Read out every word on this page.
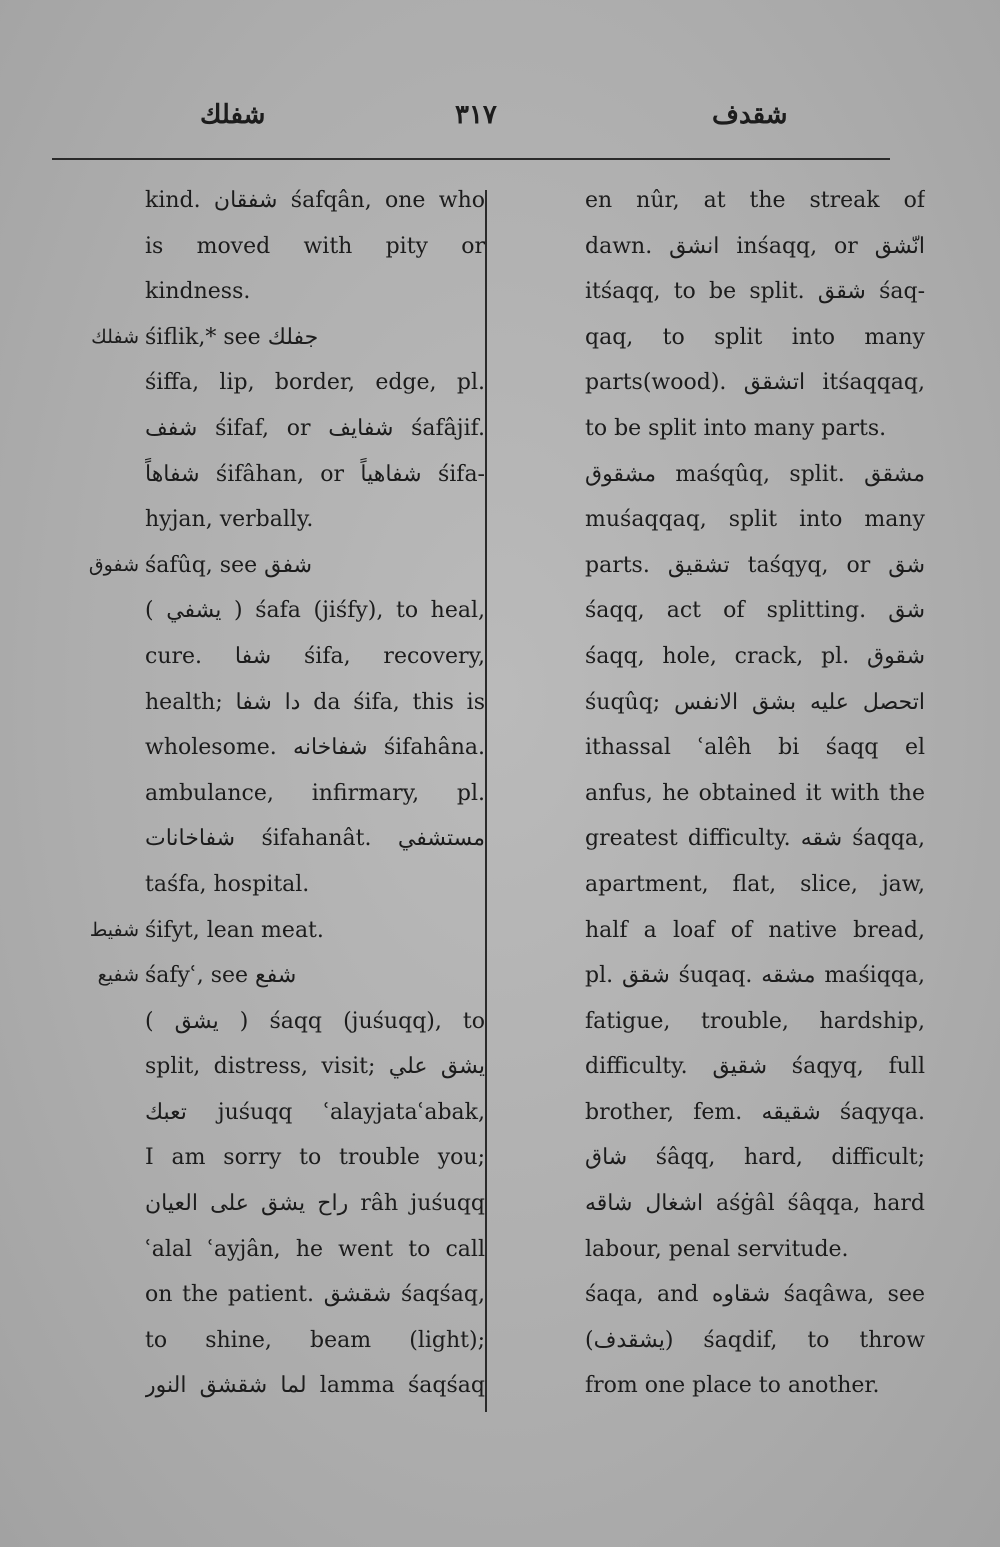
شفلك	٣١٧	شقدف
kind. شفقان śafqân, one who
is moved with pity or
kindness.
شفلك śiflik,* see جفلك
śiffa, lip, border, edge, pl.
شفف śifaf, or شفايف śafâjif.
شفاهاً śifâhan, or شفاهياً śifa-
hyjan, verbally.
شفوق śafûq, see شفق
( يشفي ) śafa (jiśfy), to heal,
cure. شفا śifa, recovery,
health; دا شفا da śifa, this is
wholesome. شفاخانه śifahâna.
ambulance, infirmary, pl.
شفاخانات śifahanât. مستشفي
taśfa, hospital.
شفيط śifyt, lean meat.
شفيع śafyʿ, see شفع
( يشق ) śaqq (juśuqq), to
split, distress, visit; يشق علي
تعبك juśuqq ʿalayjataʿabak,
I am sorry to trouble you;
راح يشق على العيان râh juśuqq
ʿalal ʿayjân, he went to call
on the patient. شقشق śaqśaq,
to shine, beam (light);
لما شقشق النور lamma śaqśaq
en nûr, at the streak of
dawn. انشق inśaqq, or انّشق
itśaqq, to be split. شقق śaq-
qaq, to split into many
parts(wood). اتشقق itśaqqaq,
to be split into many parts.
مشقوق maśqûq, split. مشقق
muśaqqaq, split into many
parts. تشقيق taśqyq, or شق
śaqq, act of splitting. شق
śaqq, hole, crack, pl. شقوق
śuqûq; اتحصل عليه بشق الانفس
ithassal ʿalêh bi śaqq el
anfus, he obtained it with the
greatest difficulty. شقه śaqqa,
apartment, flat, slice, jaw,
half a loaf of native bread,
pl. شقق śuqaq. مشقه maśiqqa,
fatigue, trouble, hardship,
difficulty. شقيق śaqyq, full
brother, fem. شقيقه śaqyqa.
شاق śâqq, hard, difficult;
اشغال شاقه aśġâl śâqqa, hard
labour, penal servitude.
śaqa, and شقاوه śaqâwa, see
(يشقدف) śaqdif, to throw
from one place to another.
